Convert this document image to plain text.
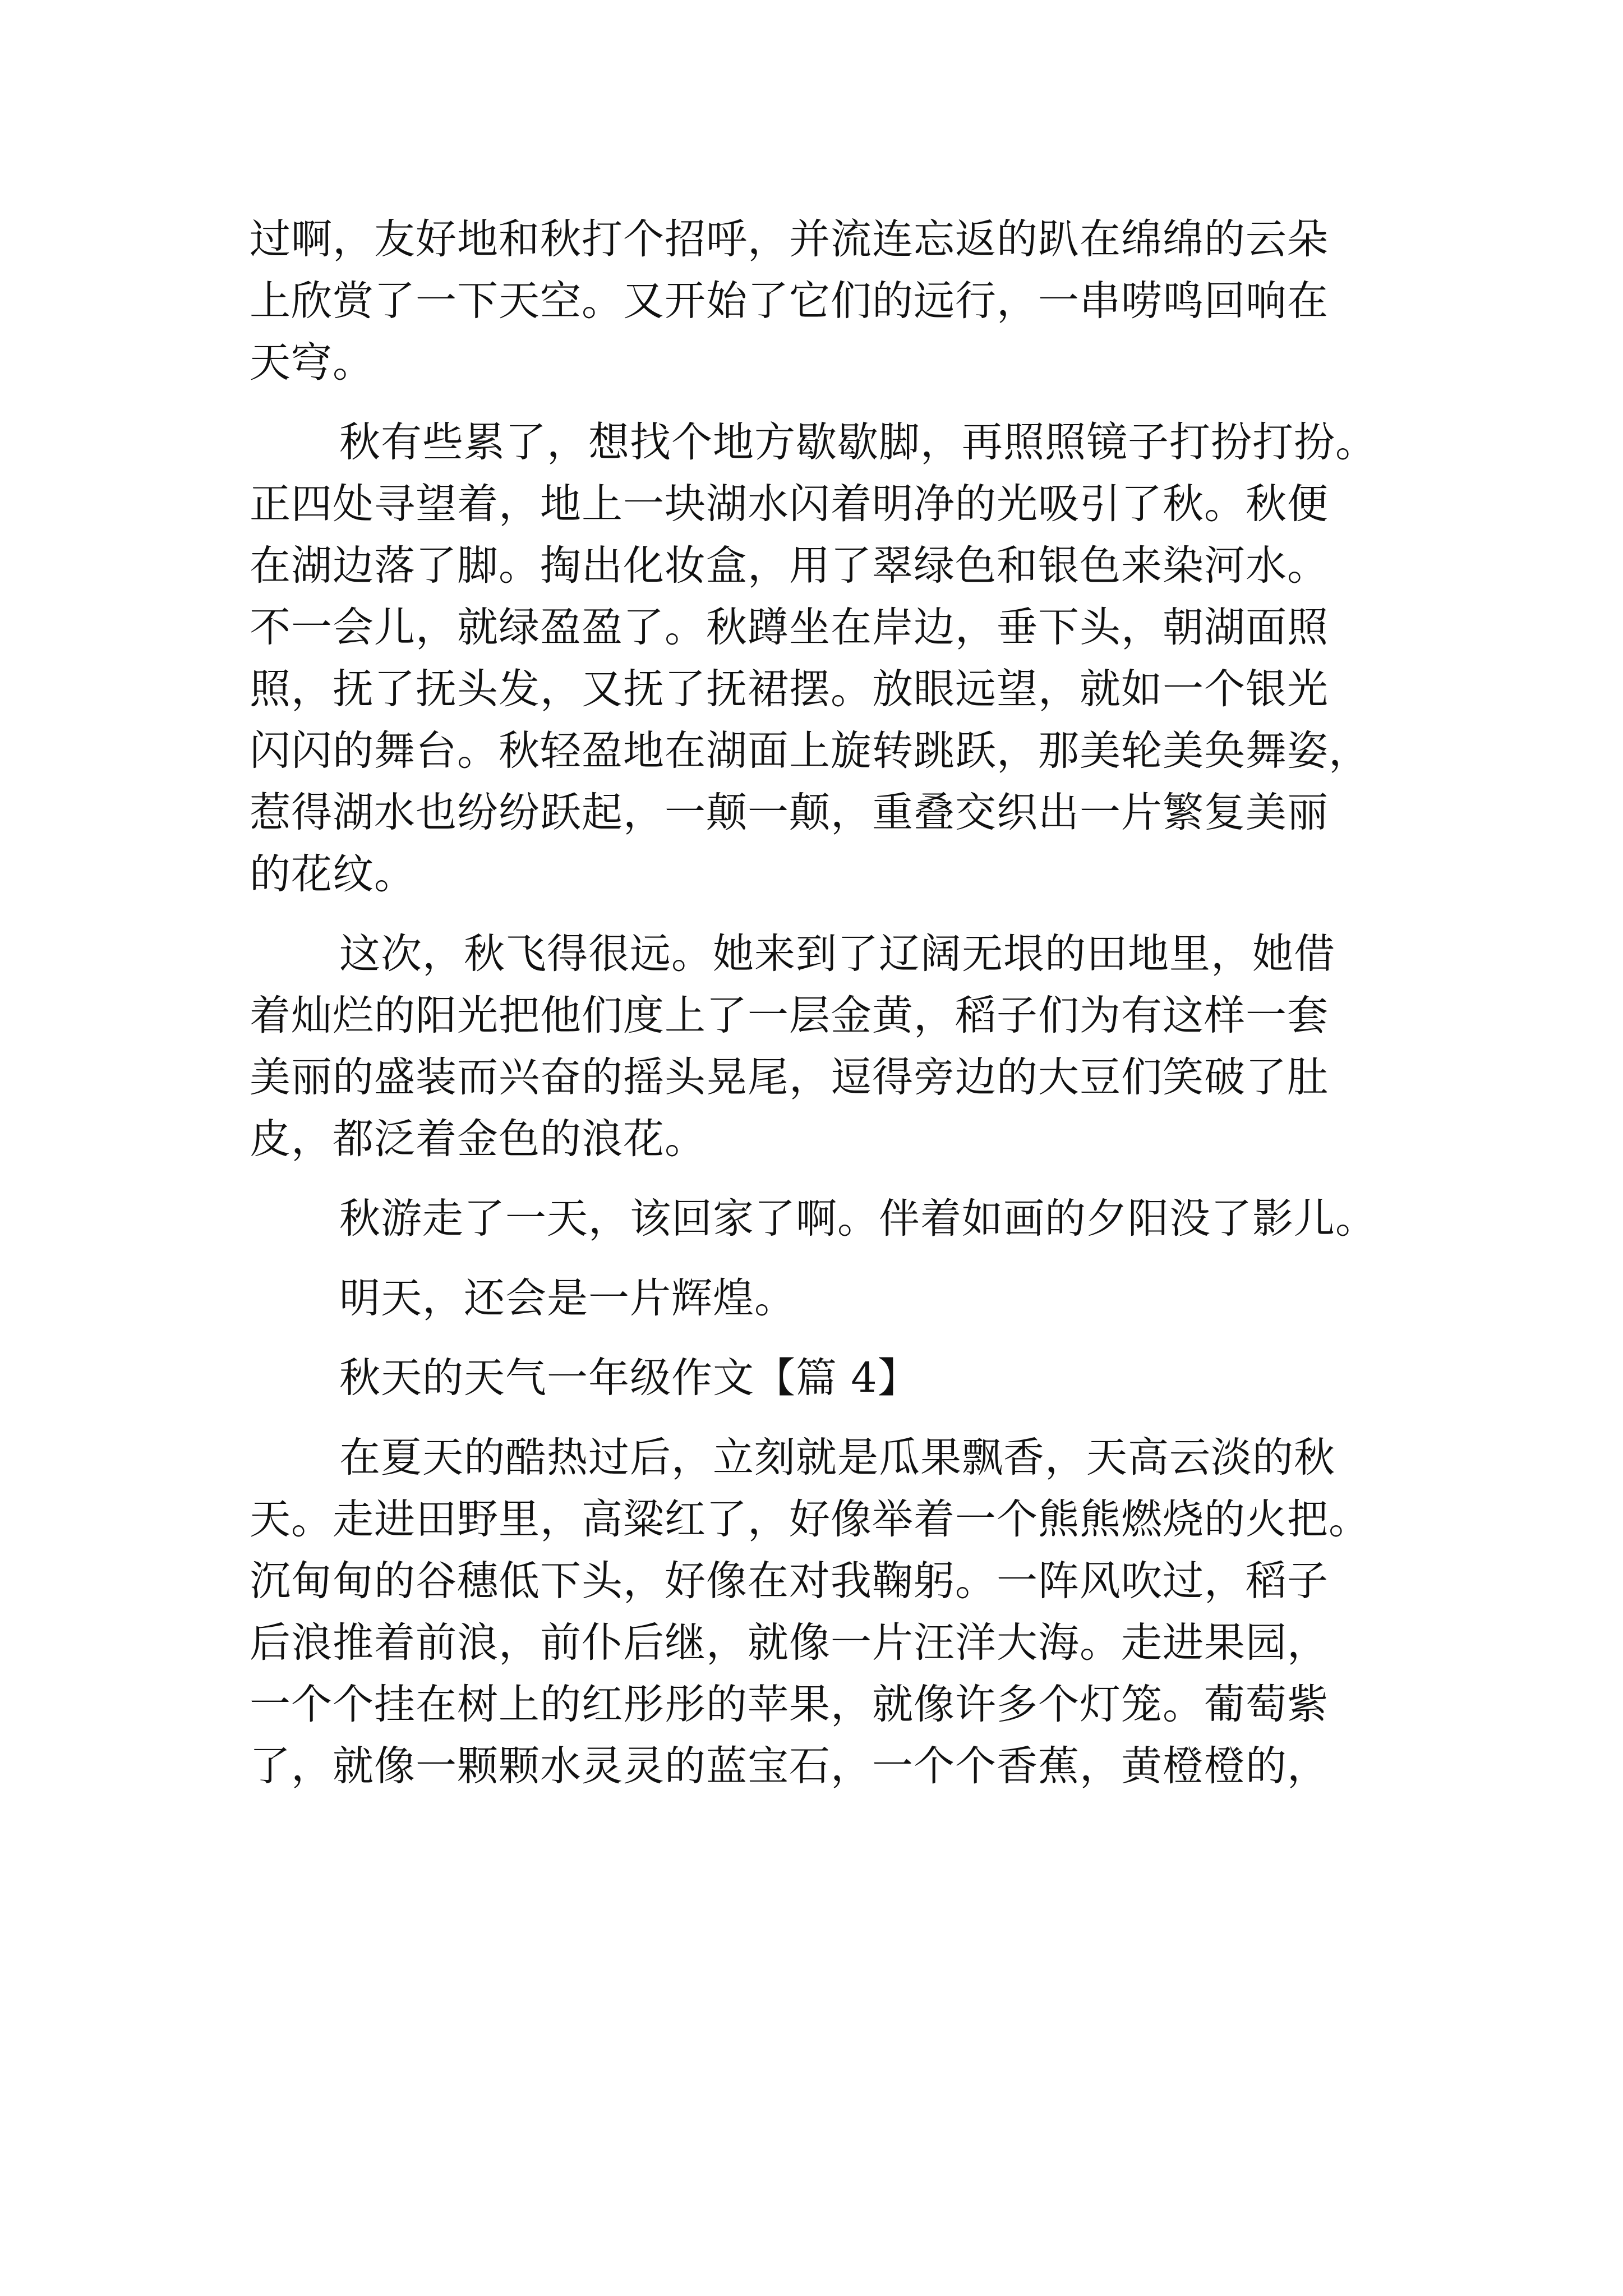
过啊，友好地和秋打个招呼，并流连忘返的趴在绵绵的云朵
上欣赏了一下天空。又开始了它们的远行，一串唠鸣回响在
天穹。
秋有些累了，想找个地方歇歇脚，再照照镜子打扮打扮。
正四处寻望着，地上一块湖水闪着明净的光吸引了秋。秋便
在湖边落了脚。掏出化妆盒，用了翠绿色和银色来染河水。
不一会儿，就绿盈盈了。秋蹲坐在岸边，垂下头，朝湖面照
照，抚了抚头发，又抚了抚裙摆。放眼远望，就如一个银光
闪闪的舞台。秋轻盈地在湖面上旋转跳跃，那美轮美奂舞姿，
惹得湖水也纷纷跃起，一颠一颠，重叠交织出一片繁复美丽
的花纹。
这次，秋飞得很远。她来到了辽阔无垠的田地里，她借
着灿烂的阳光把他们度上了一层金黄，稻子们为有这样一套
美丽的盛装而兴奋的摇头晃尾，逗得旁边的大豆们笑破了肚
皮，都泛着金色的浪花。
秋游走了一天，该回家了啊。伴着如画的夕阳没了影儿。
明天，还会是一片辉煌。
秋天的天气一年级作文【篇 4】
在夏天的酷热过后，立刻就是瓜果飘香，天高云淡的秋
天。走进田野里，高粱红了，好像举着一个熊熊燃烧的火把。
沉甸甸的谷穗低下头，好像在对我鞠躬。一阵风吹过，稻子
后浪推着前浪，前仆后继，就像一片汪洋大海。走进果园，
一个个挂在树上的红彤彤的苹果，就像许多个灯笼。葡萄紫
了，就像一颗颗水灵灵的蓝宝石，一个个香蕉，黄橙橙的，
